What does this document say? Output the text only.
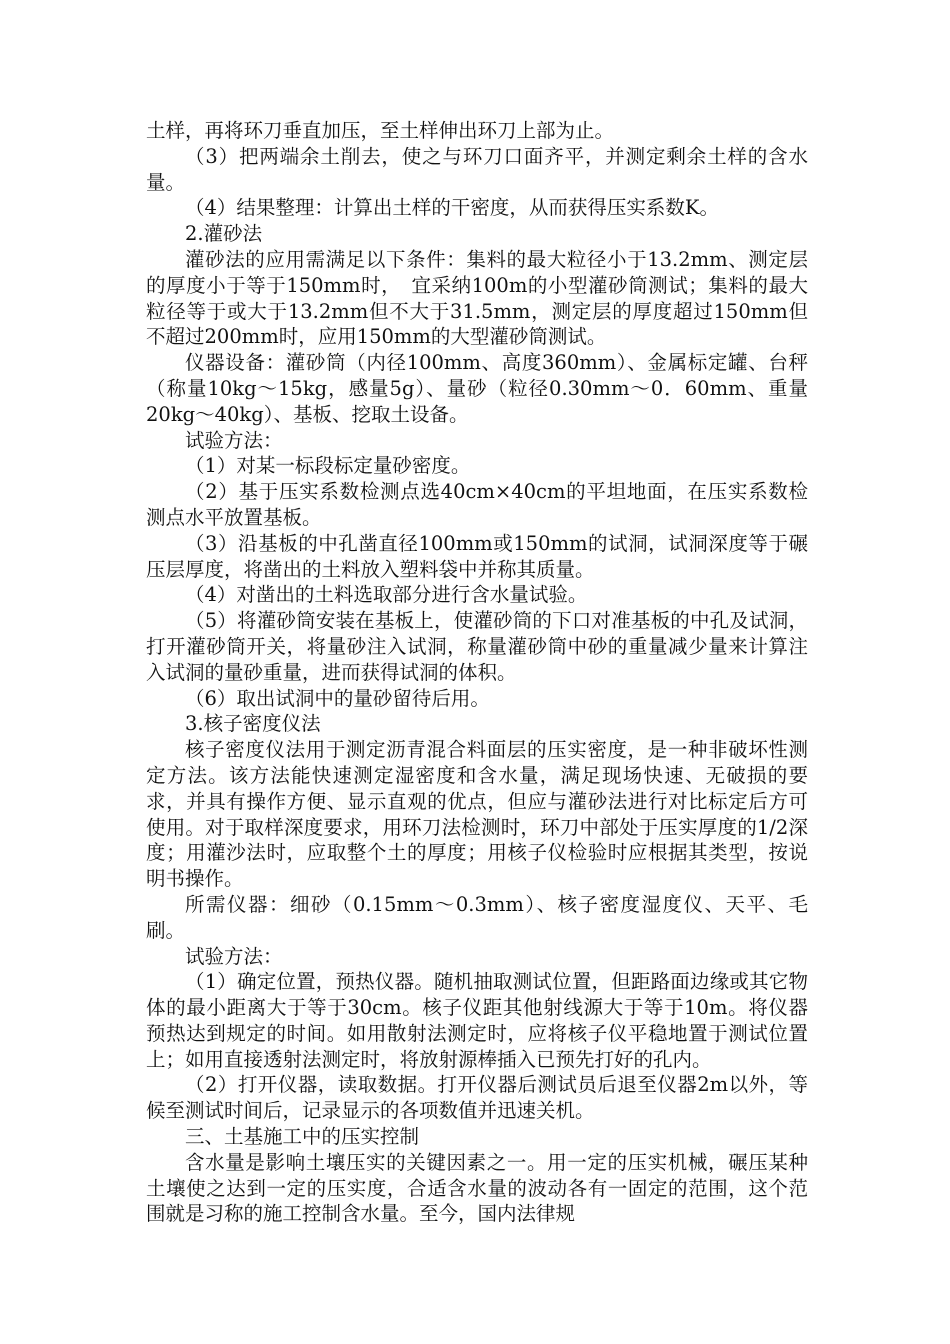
土样，再将环刀垂直加压，至土样伸出环刀上部为止。

（3）把两端余土削去，使之与环刀口面齐平，并测定剩余土样的含水量。

（4）结果整理：计算出土样的干密度，从而获得压实系数K。

2.灌砂法

灌砂法的应用需满足以下条件：集料的最大粒径小于13.2mm、测定层的厚度小于等于150mm时，　宜采纳100m的小型灌砂筒测试；集料的最大粒径等于或大于13.2mm但不大于31.5mm，测定层的厚度超过150mm但不超过200mm时，应用150mm的大型灌砂筒测试。

仪器设备：灌砂筒（内径100mm、高度360mm）、金属标定罐、台秤（称量10kg～15kg，感量5g）、量砂（粒径0.30mm～0．60mm、重量20kg～40kg）、基板、挖取土设备。

试验方法：

（1）对某一标段标定量砂密度。

（2）基于压实系数检测点选40cm×40cm的平坦地面，在压实系数检测点水平放置基板。

（3）沿基板的中孔凿直径100mm或150mm的试洞，试洞深度等于碾压层厚度，将凿出的土料放入塑料袋中并称其质量。

（4）对凿出的土料选取部分进行含水量试验。

（5）将灌砂筒安装在基板上，使灌砂筒的下口对准基板的中孔及试洞，打开灌砂筒开关，将量砂注入试洞，称量灌砂筒中砂的重量减少量来计算注入试洞的量砂重量，进而获得试洞的体积。

（6）取出试洞中的量砂留待后用。

3.核子密度仪法

核子密度仪法用于测定沥青混合料面层的压实密度，是一种非破坏性测定方法。该方法能快速测定湿密度和含水量，满足现场快速、无破损的要求，并具有操作方便、显示直观的优点，但应与灌砂法进行对比标定后方可使用。对于取样深度要求，用环刀法检测时，环刀中部处于压实厚度的1/2深度；用灌沙法时，应取整个土的厚度；用核子仪检验时应根据其类型，按说明书操作。

所需仪器：细砂（0.15mm～0.3mm）、核子密度湿度仪、天平、毛刷。

试验方法：

（1）确定位置，预热仪器。随机抽取测试位置，但距路面边缘或其它物体的最小距离大于等于30cm。核子仪距其他射线源大于等于10m。将仪器预热达到规定的时间。如用散射法测定时，应将核子仪平稳地置于测试位置上；如用直接透射法测定时，将放射源棒插入已预先打好的孔内。

（2）打开仪器，读取数据。打开仪器后测试员后退至仪器2m以外，等候至测试时间后，记录显示的各项数值并迅速关机。

三、土基施工中的压实控制

含水量是影响土壤压实的关键因素之一。用一定的压实机械，碾压某种土壤使之达到一定的压实度，合适含水量的波动各有一固定的范围，这个范围就是习称的施工控制含水量。至今，国内法律规
